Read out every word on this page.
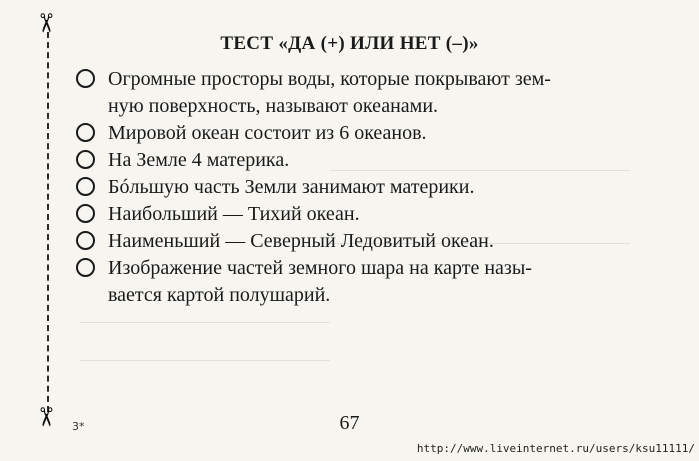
✂
✂
ТЕСТ «ДА (+) ИЛИ НЕТ (–)»
Огромные просторы воды, которые покрывают зем-
ную поверхность, называют океанами.
Мировой океан состоит из 6 океанов.
На Земле 4 материка.
Бóльшую часть Земли занимают материки.
Наибольший — Тихий океан.
Наименьший — Северный Ледовитый океан.
Изображение частей земного шара на карте назы-
вается картой полушарий.
3*	67
http://www.liveinternet.ru/users/ksu11111/
